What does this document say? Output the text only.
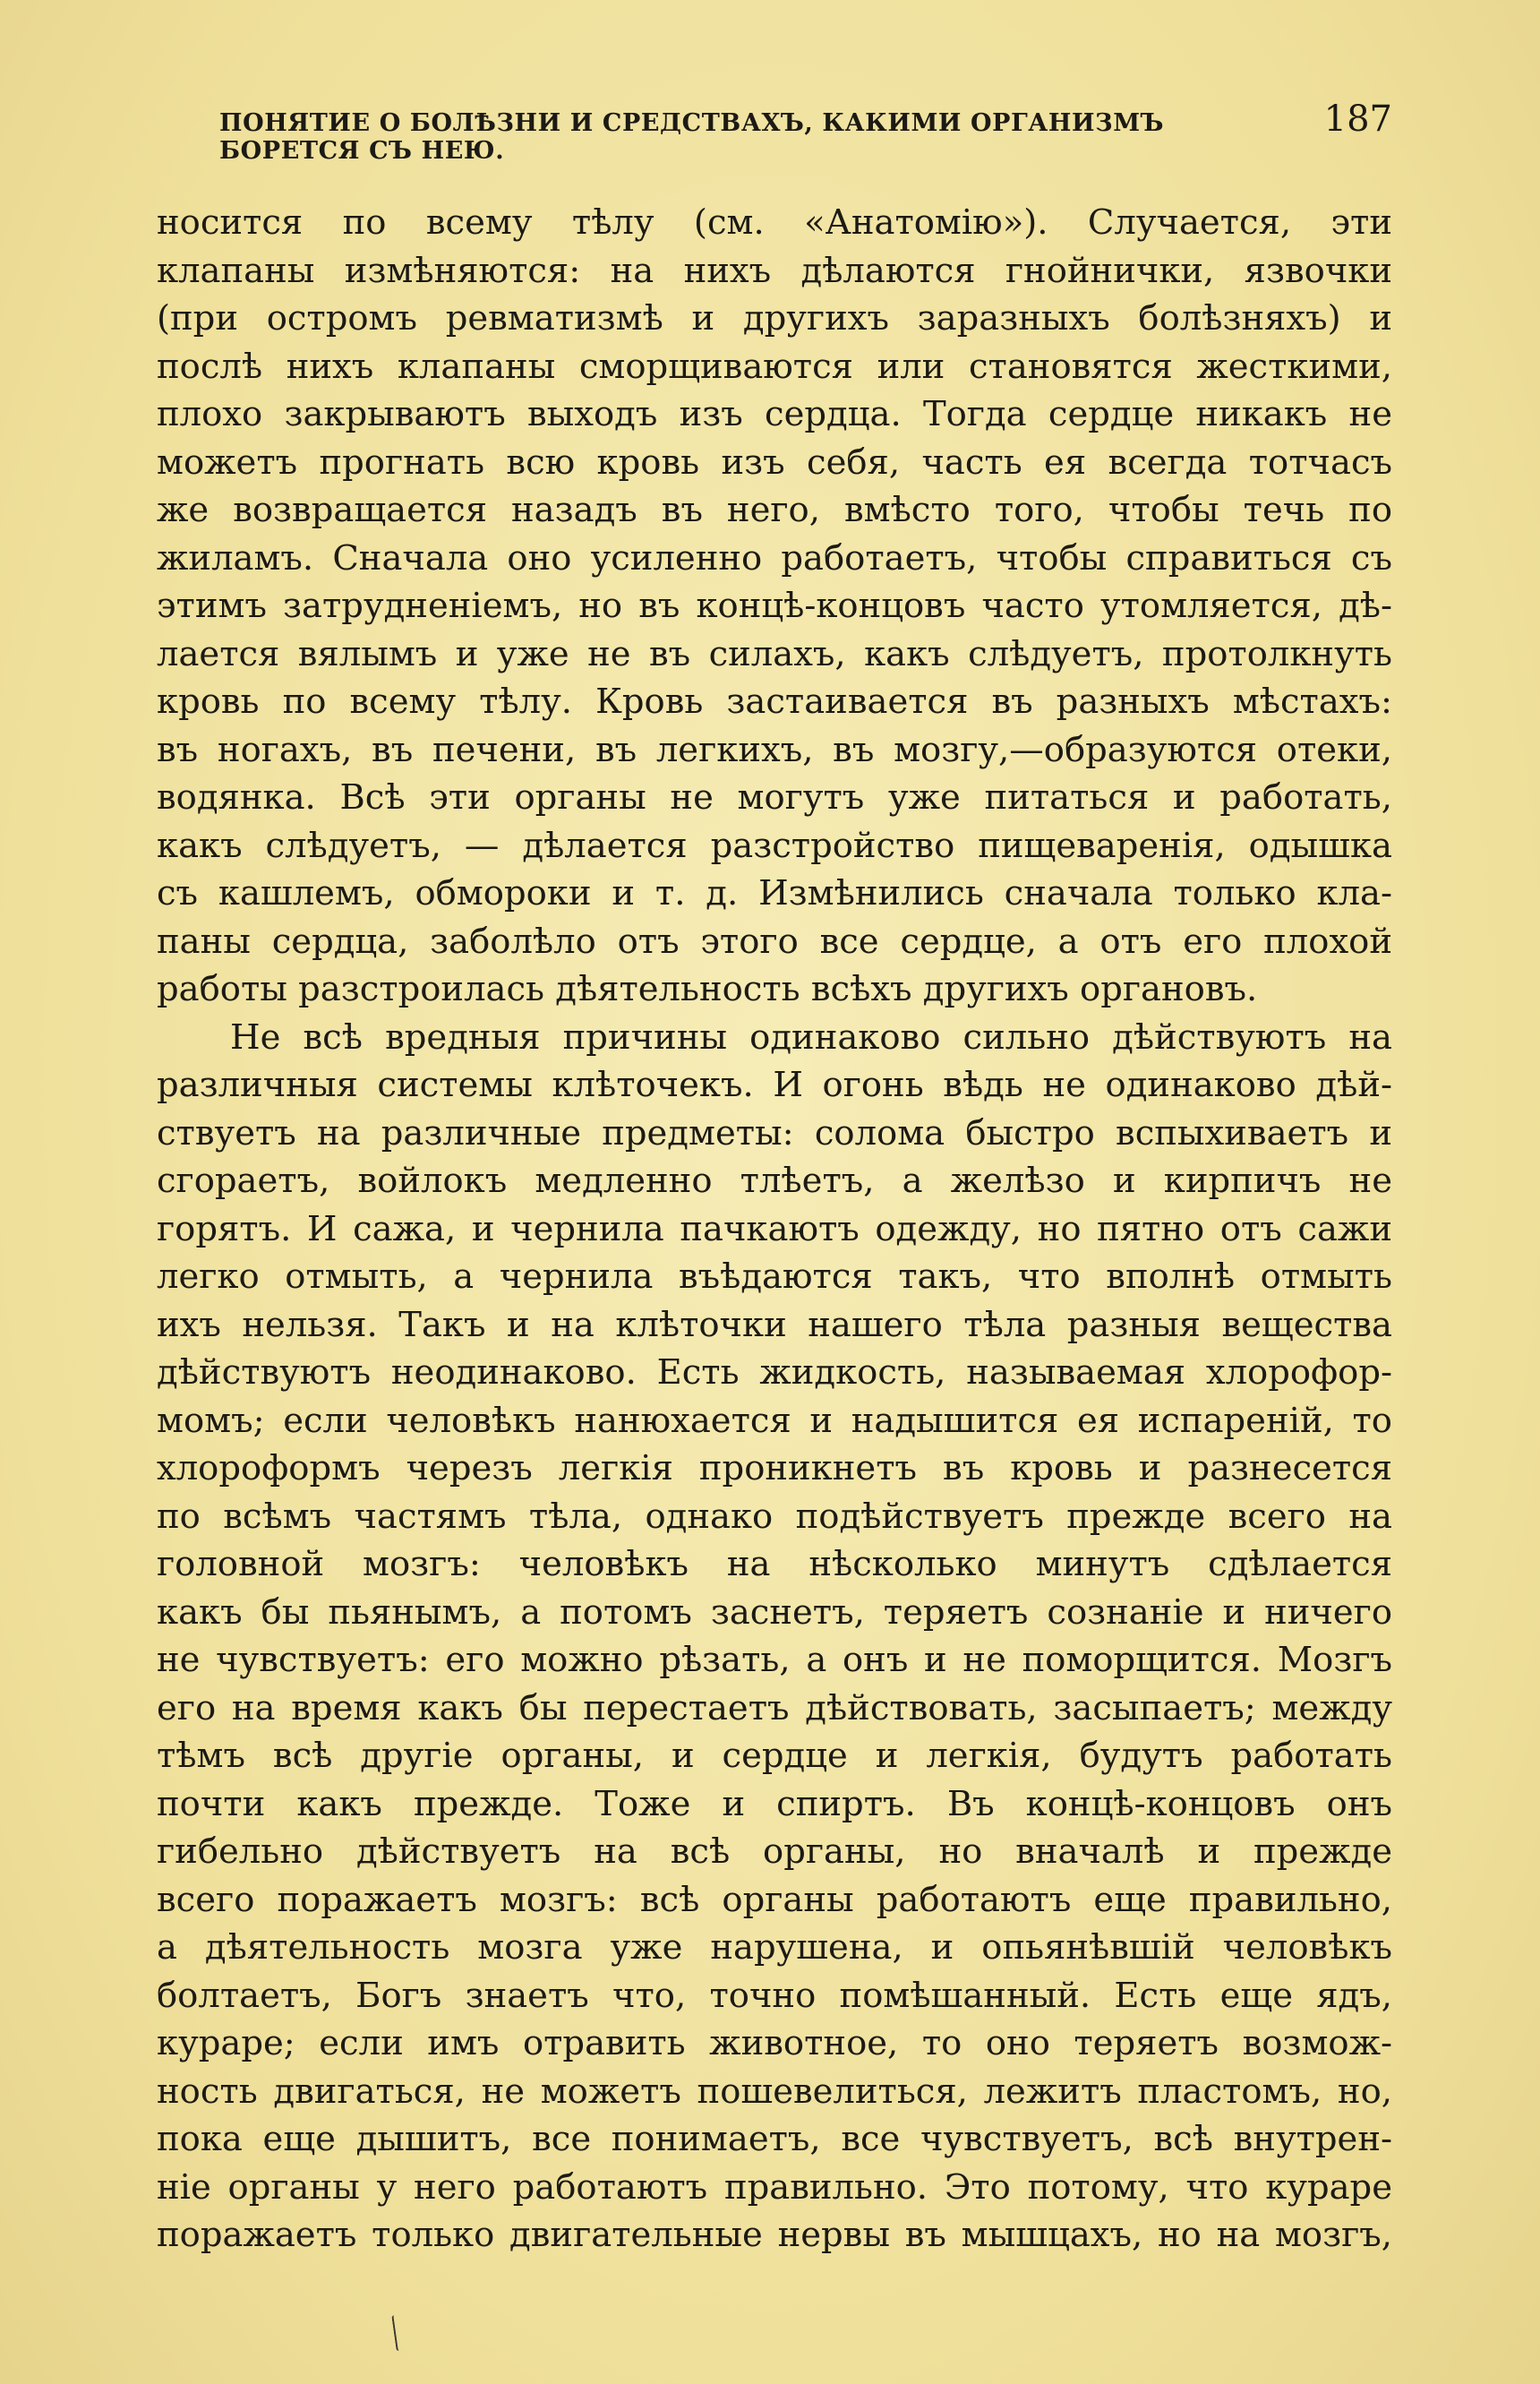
ПОНЯТИЕ О БОЛѢЗНИ И СРЕДСТВАХЪ, КАКИМИ ОРГАНИЗМЪ БОРЕТСЯ СЪ НЕЮ.
187
носится по всему тѣлу (см. «Анатомію»). Случается, эти
клапаны измѣняются: на нихъ дѣлаются гнойнички, язвочки
(при остромъ ревматизмѣ и другихъ заразныхъ болѣзняхъ) и
послѣ нихъ клапаны сморщиваются или становятся жесткими,
плохо закрываютъ выходъ изъ сердца. Тогда сердце никакъ не
можетъ прогнать всю кровь изъ себя, часть ея всегда тотчасъ
же возвращается назадъ въ него, вмѣсто того, чтобы течь по
жиламъ. Сначала оно усиленно работаетъ, чтобы справиться съ
этимъ затрудненіемъ, но въ концѣ-концовъ часто утомляется, дѣ-
лается вялымъ и уже не въ силахъ, какъ слѣдуетъ, протолкнуть
кровь по всему тѣлу. Кровь застаивается въ разныхъ мѣстахъ:
въ ногахъ, въ печени, въ легкихъ, въ мозгу,—образуются отеки,
водянка. Всѣ эти органы не могутъ уже питаться и работать,
какъ слѣдуетъ, — дѣлается разстройство пищеваренія, одышка
съ кашлемъ, обмороки и т. д. Измѣнились сначала только кла-
паны сердца, заболѣло отъ этого все сердце, а отъ его плохой
работы разстроилась дѣятельность всѣхъ другихъ органовъ.
Не всѣ вредныя причины одинаково сильно дѣйствуютъ на
различныя системы клѣточекъ. И огонь вѣдь не одинаково дѣй-
ствуетъ на различные предметы: солома быстро вспыхиваетъ и
сгораетъ, войлокъ медленно тлѣетъ, а желѣзо и кирпичъ не
горятъ. И сажа, и чернила пачкаютъ одежду, но пятно отъ сажи
легко отмыть, а чернила въѣдаются такъ, что вполнѣ отмыть
ихъ нельзя. Такъ и на клѣточки нашего тѣла разныя вещества
дѣйствуютъ неодинаково. Есть жидкость, называемая хлорофор-
момъ; если человѣкъ нанюхается и надышится ея испареній, то
хлороформъ черезъ легкія проникнетъ въ кровь и разнесется
по всѣмъ частямъ тѣла, однако подѣйствуетъ прежде всего на
головной мозгъ: человѣкъ на нѣсколько минутъ сдѣлается
какъ бы пьянымъ, а потомъ заснетъ, теряетъ сознаніе и ничего
не чувствуетъ: его можно рѣзать, а онъ и не поморщится. Мозгъ
его на время какъ бы перестаетъ дѣйствовать, засыпаетъ; между
тѣмъ всѣ другіе органы, и сердце и легкія, будутъ работать
почти какъ прежде. Тоже и спиртъ. Въ концѣ-концовъ онъ
гибельно дѣйствуетъ на всѣ органы, но вначалѣ и прежде
всего поражаетъ мозгъ: всѣ органы работаютъ еще правильно,
а дѣятельность мозга уже нарушена, и опьянѣвшій человѣкъ
болтаетъ, Богъ знаетъ что, точно помѣшанный. Есть еще ядъ,
кураре; если имъ отравить животное, то оно теряетъ возмож-
ность двигаться, не можетъ пошевелиться, лежитъ пластомъ, но,
пока еще дышитъ, все понимаетъ, все чувствуетъ, всѣ внутрен-
ніе органы у него работаютъ правильно. Это потому, что кураре
поражаетъ только двигательные нервы въ мышцахъ, но на мозгъ,
